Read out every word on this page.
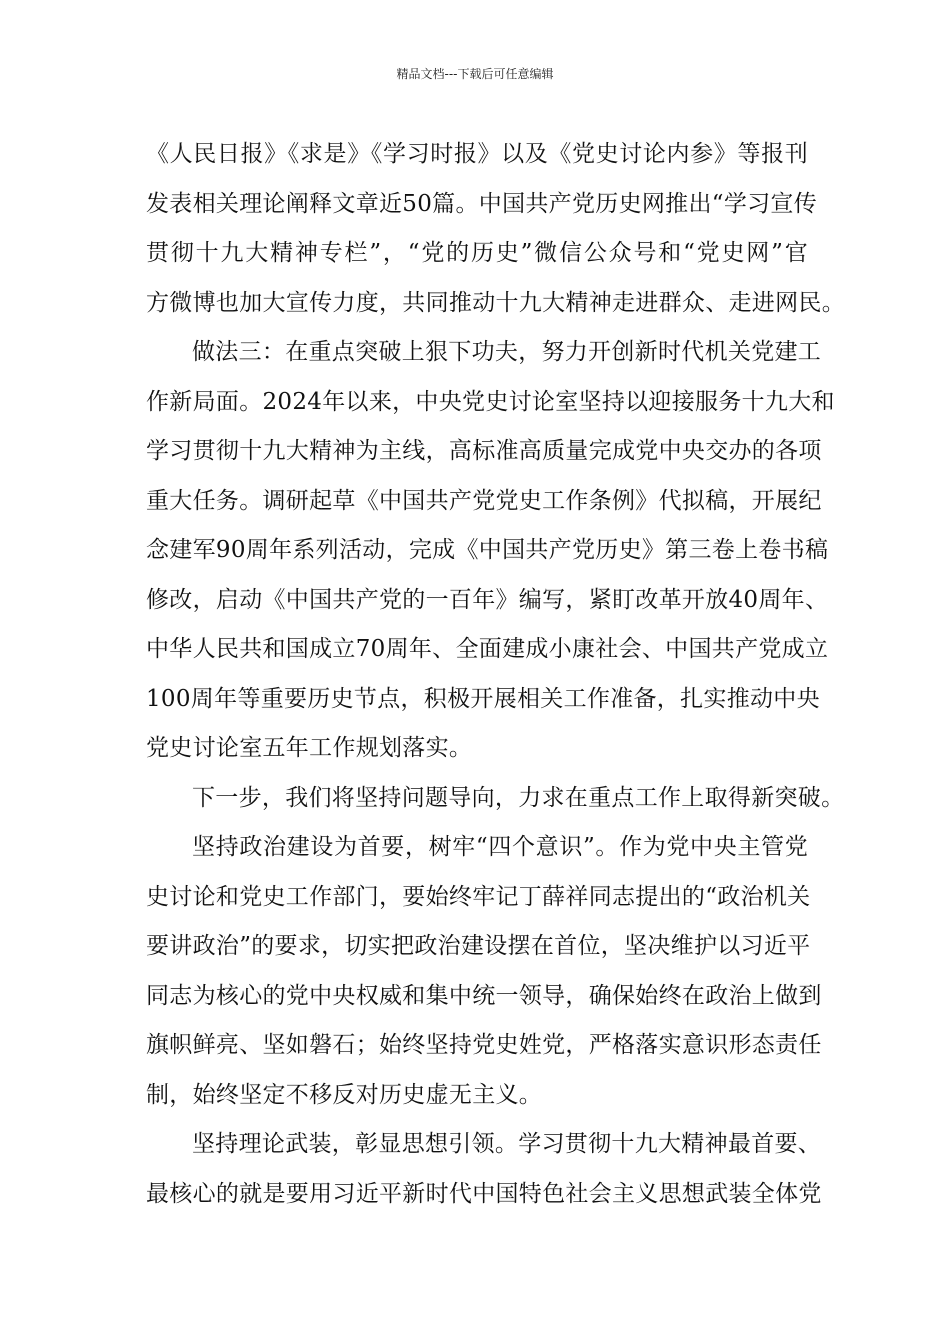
精品文档---下载后可任意编辑
《人民日报》《求是》《学习时报》以及《党史讨论内参》等报刊
发表相关理论阐释文章近50篇。中国共产党历史网推出“学习宣传
贯彻十九大精神专栏”，“党的历史”微信公众号和“党史网”官
方微博也加大宣传力度，共同推动十九大精神走进群众、走进网民。
做法三：在重点突破上狠下功夫，努力开创新时代机关党建工
作新局面。2024年以来，中央党史讨论室坚持以迎接服务十九大和
学习贯彻十九大精神为主线，高标准高质量完成党中央交办的各项
重大任务。调研起草《中国共产党党史工作条例》代拟稿，开展纪
念建军90周年系列活动，完成《中国共产党历史》第三卷上卷书稿
修改，启动《中国共产党的一百年》编写，紧盯改革开放40周年、
中华人民共和国成立70周年、全面建成小康社会、中国共产党成立
100周年等重要历史节点，积极开展相关工作准备，扎实推动中央
党史讨论室五年工作规划落实。
下一步，我们将坚持问题导向，力求在重点工作上取得新突破。
坚持政治建设为首要，树牢“四个意识”。作为党中央主管党
史讨论和党史工作部门，要始终牢记丁薛祥同志提出的“政治机关
要讲政治”的要求，切实把政治建设摆在首位，坚决维护以习近平
同志为核心的党中央权威和集中统一领导，确保始终在政治上做到
旗帜鲜亮、坚如磐石；始终坚持党史姓党，严格落实意识形态责任
制，始终坚定不移反对历史虚无主义。
坚持理论武装，彰显思想引领。学习贯彻十九大精神最首要、
最核心的就是要用习近平新时代中国特色社会主义思想武装全体党
